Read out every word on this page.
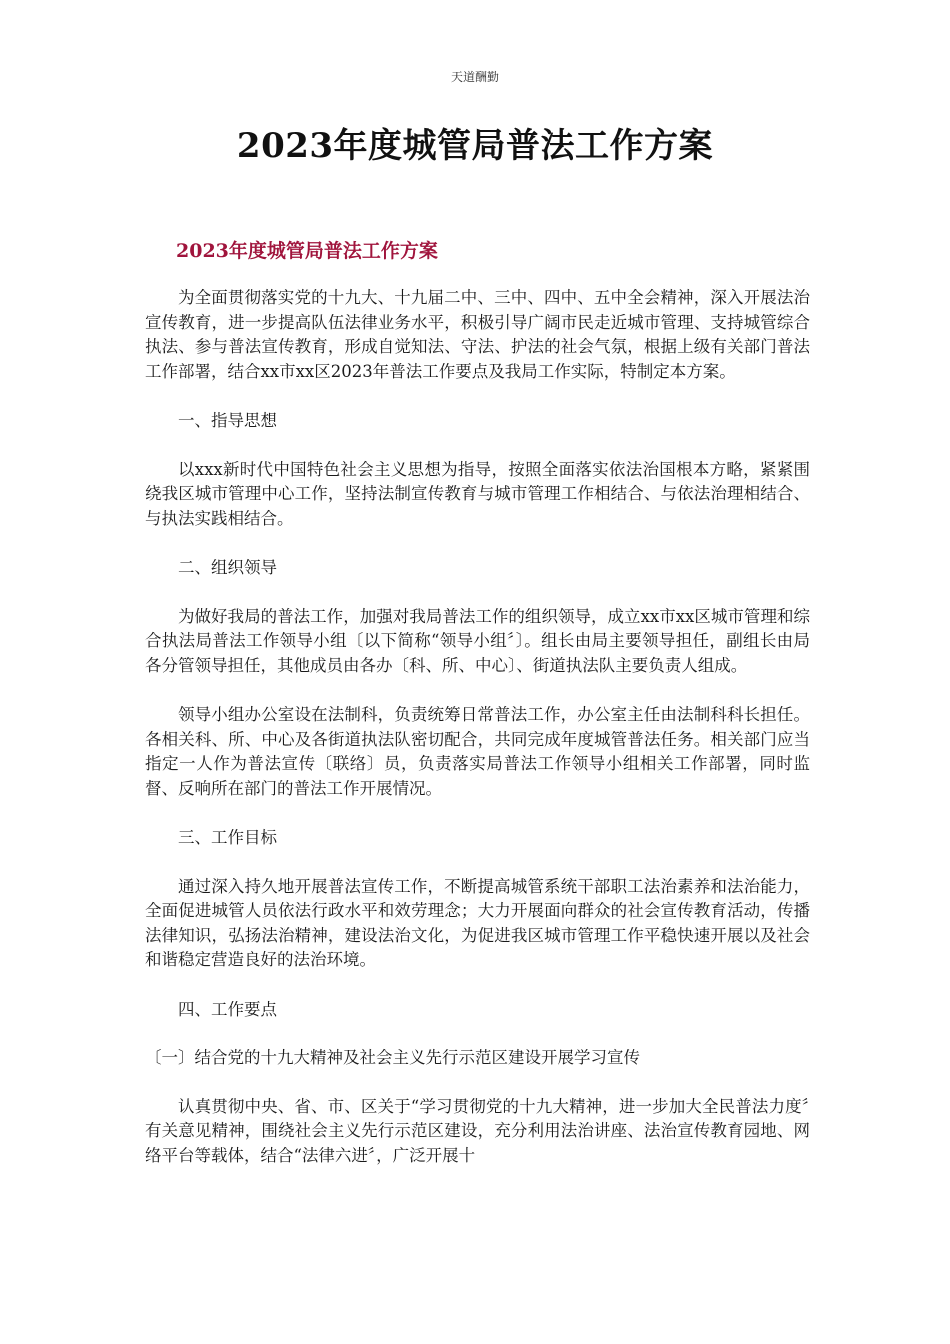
天道酬勤
2023年度城管局普法工作方案
2023年度城管局普法工作方案

为全面贯彻落实党的十九大、十九届二中、三中、四中、五中全会精神，深入开展法治宣传教育，进一步提高队伍法律业务水平，积极引导广阔市民走近城市管理、支持城管综合执法、参与普法宣传教育，形成自觉知法、守法、护法的社会气氛，根据上级有关部门普法工作部署，结合xx市xx区2023年普法工作要点及我局工作实际，特制定本方案。

一、指导思想

以xxx新时代中国特色社会主义思想为指导，按照全面落实依法治国根本方略，紧紧围绕我区城市管理中心工作，坚持法制宣传教育与城市管理工作相结合、与依法治理相结合、与执法实践相结合。

二、组织领导

为做好我局的普法工作，加强对我局普法工作的组织领导，成立xx市xx区城市管理和综合执法局普法工作领导小组〔以下简称“领导小组〞〕。组长由局主要领导担任，副组长由局各分管领导担任，其他成员由各办〔科、所、中心〕、街道执法队主要负责人组成。

领导小组办公室设在法制科，负责统筹日常普法工作，办公室主任由法制科科长担任。各相关科、所、中心及各街道执法队密切配合，共同完成年度城管普法任务。相关部门应当指定一人作为普法宣传〔联络〕员，负责落实局普法工作领导小组相关工作部署，同时监督、反响所在部门的普法工作开展情况。

三、工作目标

通过深入持久地开展普法宣传工作，不断提高城管系统干部职工法治素养和法治能力，全面促进城管人员依法行政水平和效劳理念；大力开展面向群众的社会宣传教育活动，传播法律知识，弘扬法治精神，建设法治文化，为促进我区城市管理工作平稳快速开展以及社会和谐稳定营造良好的法治环境。

四、工作要点

〔一〕结合党的十九大精神及社会主义先行示范区建设开展学习宣传

认真贯彻中央、省、市、区关于“学习贯彻党的十九大精神，进一步加大全民普法力度〞有关意见精神，围绕社会主义先行示范区建设，充分利用法治讲座、法治宣传教育园地、网络平台等载体，结合“法律六进〞，广泛开展十
